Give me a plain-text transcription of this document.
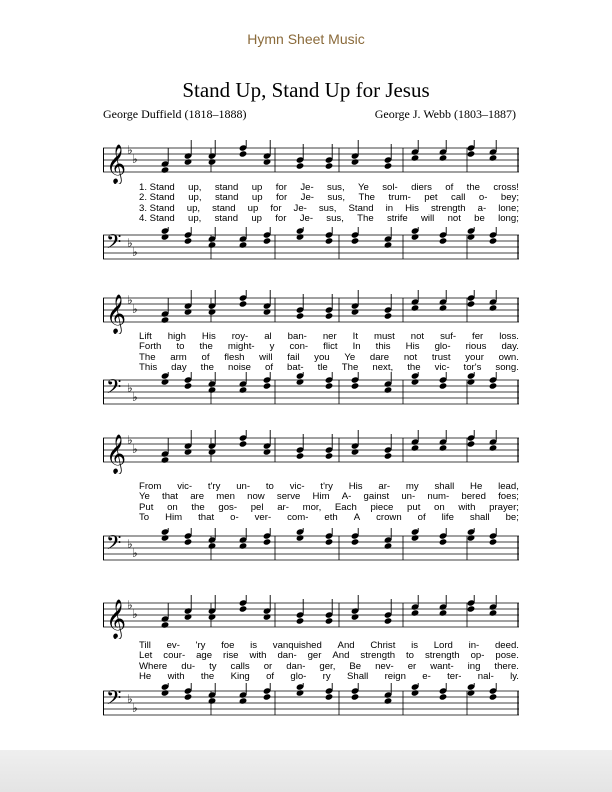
Hymn Sheet Music
Stand Up, Stand Up for Jesus
George Duffield (1818–1888)	George J. Webb (1803–1887)
𝄞 ♭
♭
1. Stand up, stand up for Je- sus, Ye sol- diers of the cross!
2. Stand up, stand up for Je- sus, The trum- pet call o- bey;
3. Stand up, stand up for Je- sus, Stand in His strength a- lone;
4. Stand up, stand up for Je- sus, The strife will not be long;
𝄢 ♭
♭
𝄞 ♭
♭
Lift high His roy- al ban- ner It must not suf- fer loss.
Forth to the might- y con- flict In this His glo- rious day.
The arm of flesh will fail you Ye dare not trust your own.
This day the noise of bat- tle The next, the vic- tor's song.
𝄢 ♭
♭
𝄞 ♭
♭
From vic- t'ry un- to vic- t'ry His ar- my shall He lead,
Ye that are men now serve Him A- gainst un- num- bered foes;
Put on the gos- pel ar- mor, Each piece put on with prayer;
To Him that o- ver- com- eth A crown of life shall be;
𝄢 ♭
♭
𝄞 ♭
♭
Till ev- 'ry foe is vanquished And Christ is Lord in- deed.
Let cour- age rise with dan- ger And strength to strength op- pose.
Where du- ty calls or dan- ger, Be nev- er want- ing there.
He with the King of glo- ry Shall reign e- ter- nal- ly.
𝄢 ♭
♭
